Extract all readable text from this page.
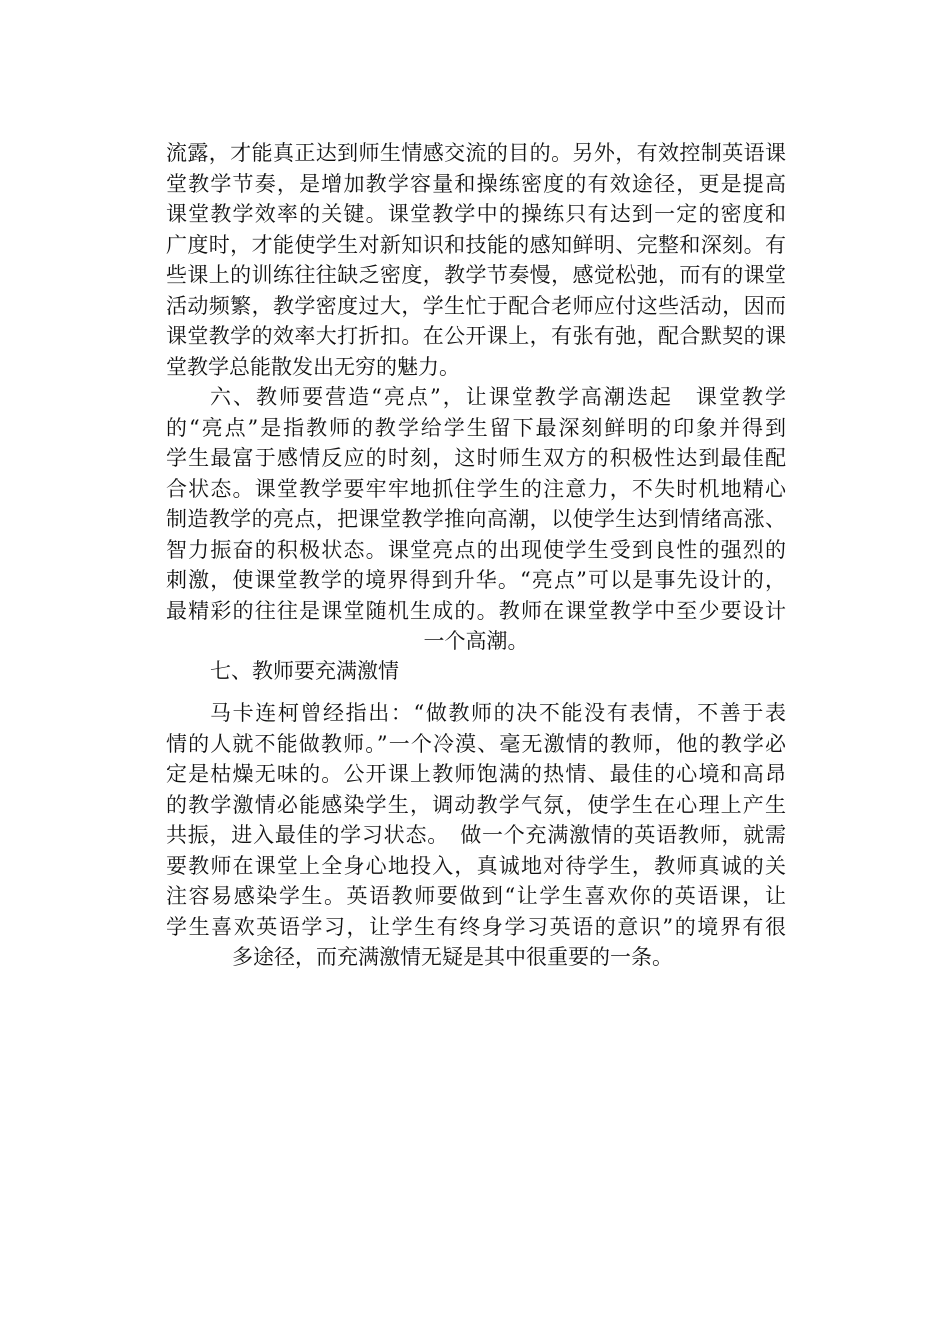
流露，才能真正达到师生情感交流的目的。另外，有效控制英语课
堂教学节奏，是增加教学容量和操练密度的有效途径，更是提高
课堂教学效率的关键。课堂教学中的操练只有达到一定的密度和
广度时，才能使学生对新知识和技能的感知鲜明、完整和深刻。有
些课上的训练往往缺乏密度，教学节奏慢，感觉松弛，而有的课堂
活动频繁，教学密度过大，学生忙于配合老师应付这些活动，因而
课堂教学的效率大打折扣。在公开课上，有张有弛，配合默契的课
堂教学总能散发出无穷的魅力。
六、教师要营造“亮点”，让课堂教学高潮迭起　课堂教学
的“亮点”是指教师的教学给学生留下最深刻鲜明的印象并得到
学生最富于感情反应的时刻，这时师生双方的积极性达到最佳配
合状态。课堂教学要牢牢地抓住学生的注意力，不失时机地精心
制造教学的亮点，把课堂教学推向高潮，以使学生达到情绪高涨、
智力振奋的积极状态。课堂亮点的出现使学生受到良性的强烈的
刺激，使课堂教学的境界得到升华。“亮点”可以是事先设计的，
最精彩的往往是课堂随机生成的。教师在课堂教学中至少要设计
一个高潮。
七、教师要充满激情
马卡连柯曾经指出：“做教师的决不能没有表情，不善于表
情的人就不能做教师。”一个冷漠、毫无激情的教师，他的教学必
定是枯燥无味的。公开课上教师饱满的热情、最佳的心境和高昂
的教学激情必能感染学生，调动教学气氛，使学生在心理上产生
共振，进入最佳的学习状态。　做一个充满激情的英语教师，就需
要教师在课堂上全身心地投入，真诚地对待学生，教师真诚的关
注容易感染学生。英语教师要做到“让学生喜欢你的英语课，让
学生喜欢英语学习，让学生有终身学习英语的意识”的境界有很
多途径，而充满激情无疑是其中很重要的一条。
